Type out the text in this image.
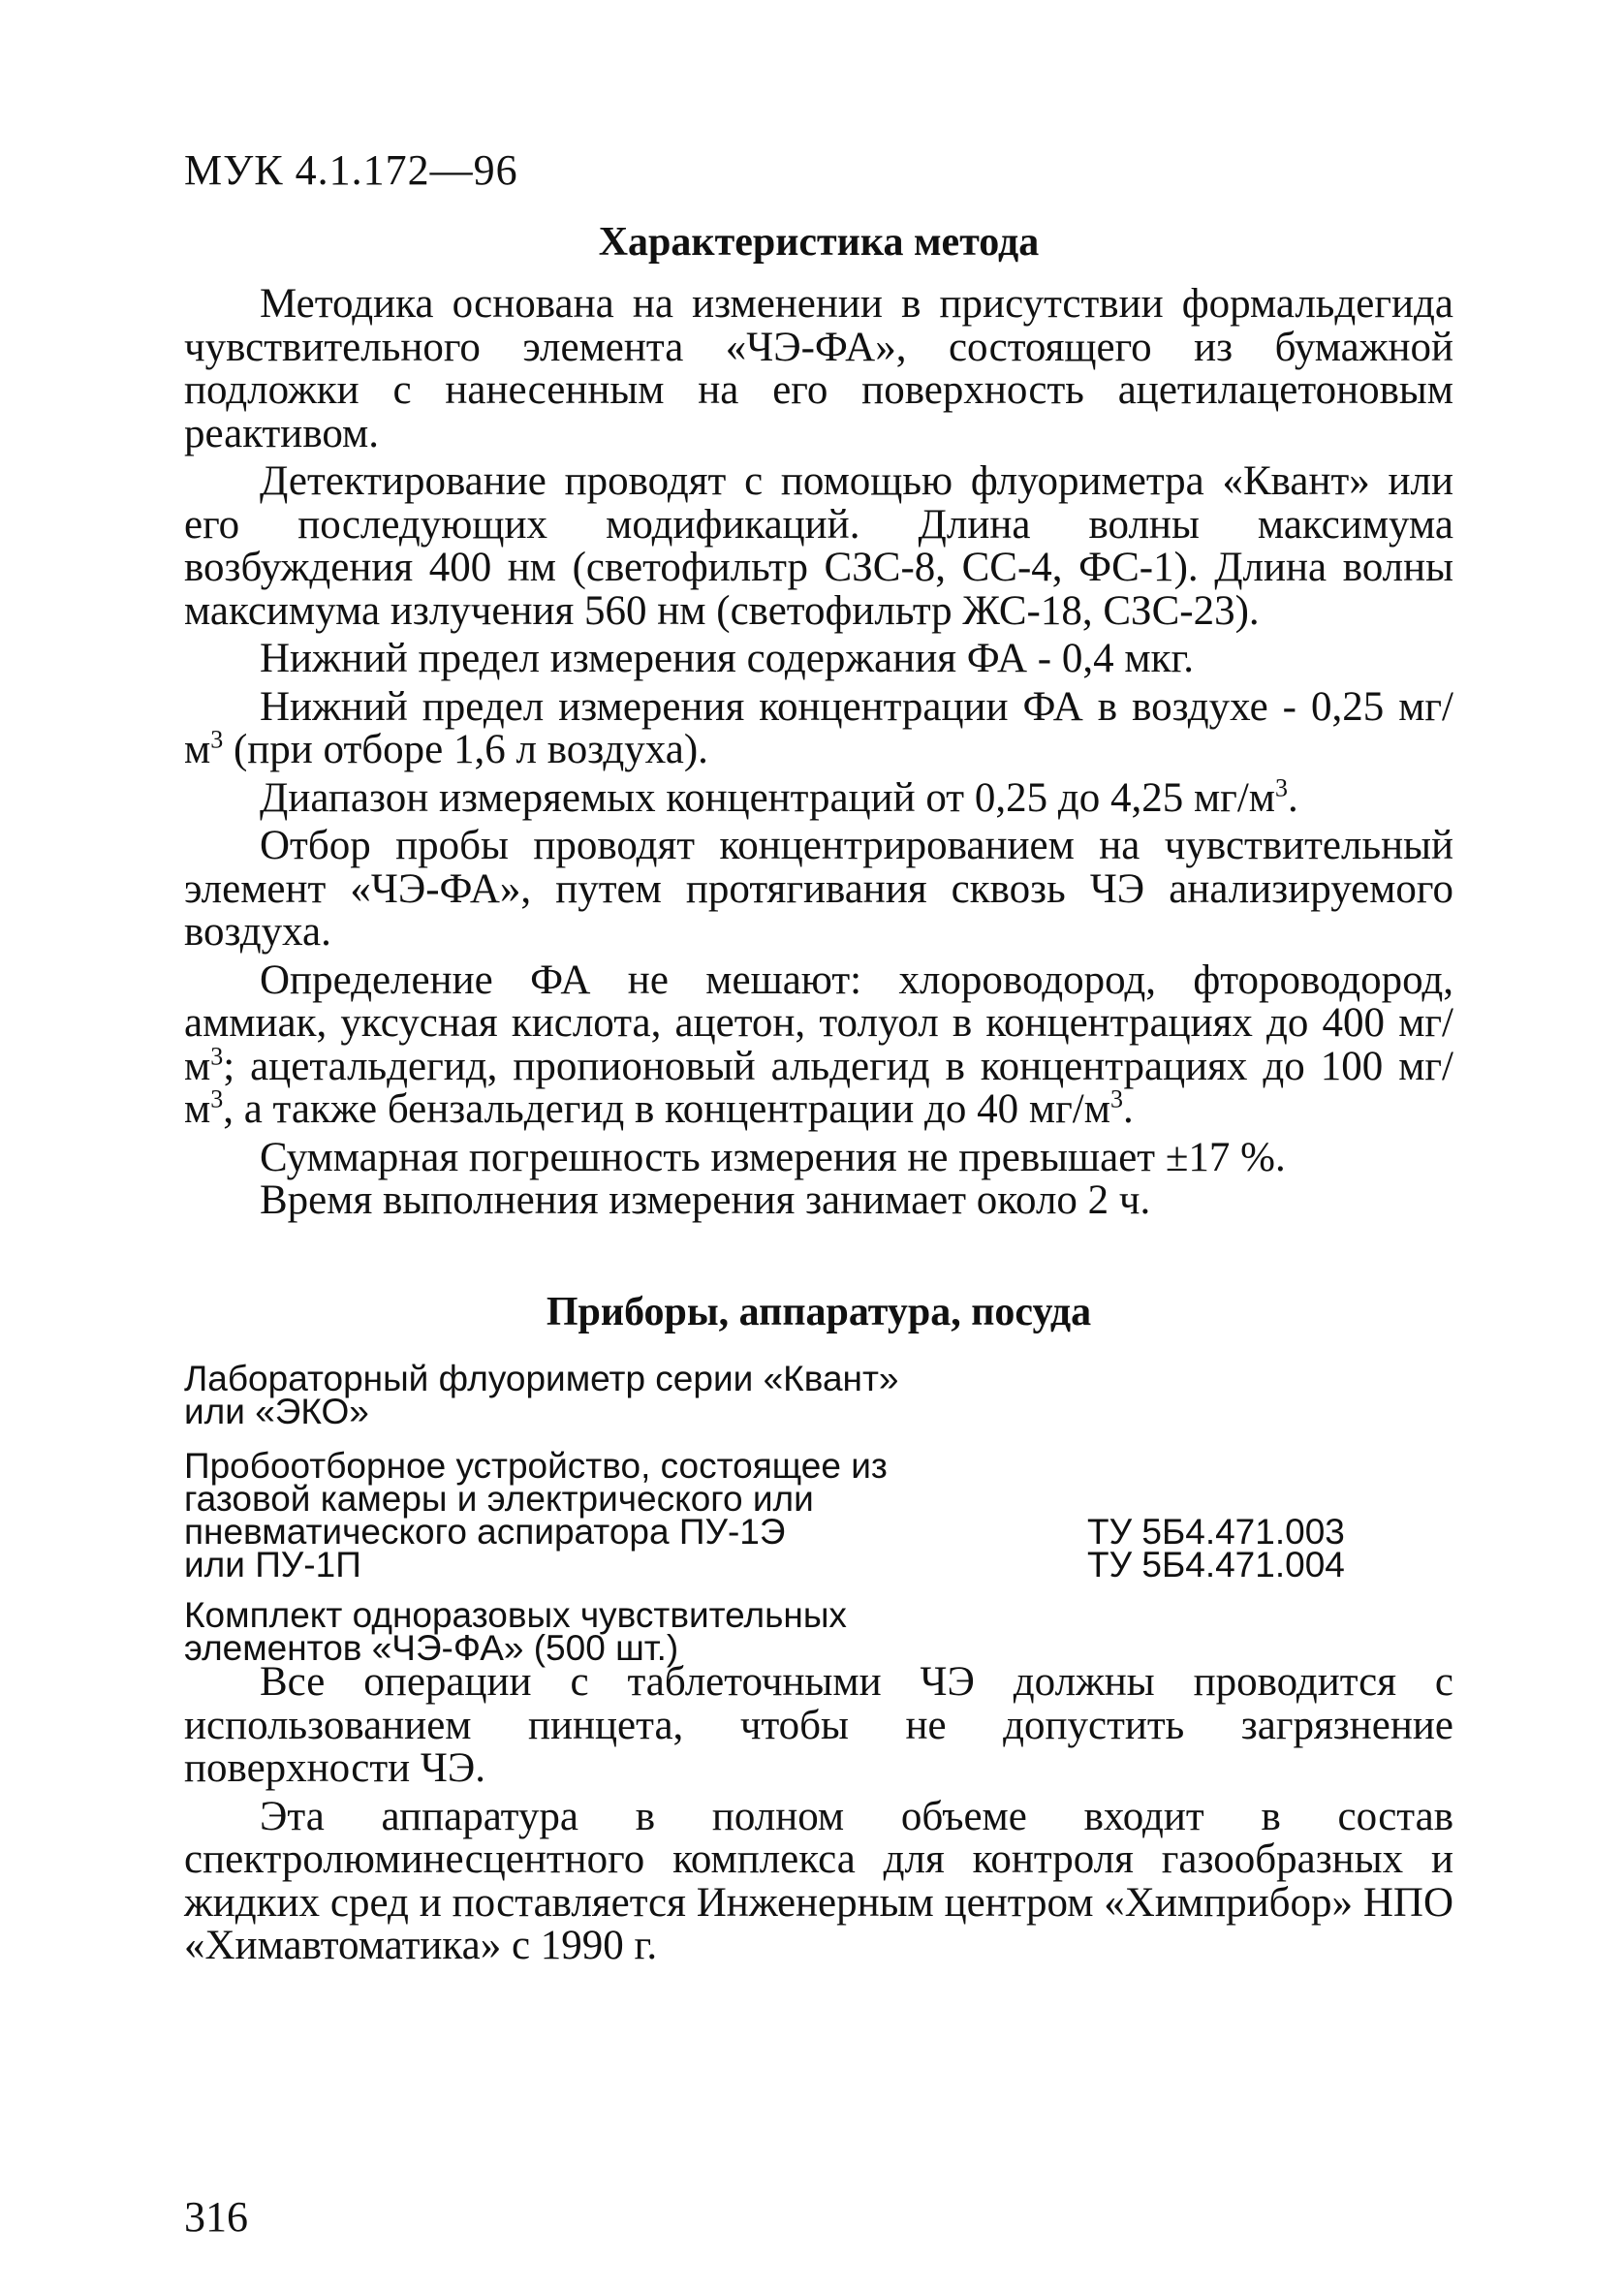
МУК 4.1.172—96
Характеристика метода

Методика основана на изменении в присутствии формальдегида чувствительного элемента «ЧЭ-ФА», состоящего из бумажной подложки с нанесенным на его поверхность ацетилацетоновым реактивом.

Детектирование проводят с помощью флуориметра «Квант» или его последующих модификаций. Длина волны максимума возбуждения 400 нм (светофильтр СЗС-8, СС-4, ФС-1). Длина волны максимума излучения 560 нм (светофильтр ЖС-18, СЗС-23).

Нижний предел измерения содержания ФА - 0,4 мкг.

Нижний предел измерения концентрации ФА в воздухе - 0,25 $мг/м^3$ (при отборе 1,6 л воздуха).

Диапазон измеряемых концентраций от 0,25 до 4,25 $мг/м^3$.

Отбор пробы проводят концентрированием на чувствительный элемент «ЧЭ-ФА», путем протягивания сквозь ЧЭ анализируемого воздуха.

Определение ФА не мешают: хлороводород, фтороводород, аммиак, уксусная кислота, ацетон, толуол в концентрациях до 400 $мг/м^3$; ацетальдегид, пропионовый альдегид в концентрациях до 100 $мг/м^3$, а также бензальдегид в концентрации до 40 $мг/м^3$.

Суммарная погрешность измерения не превышает ±17 %.

Время выполнения измерения занимает около 2 ч.

Приборы, аппаратура, посуда
Лабораторный флуориметр серии «Квант»
или «ЭКО»
Пробоотборное устройство, состоящее из
газовой камеры и электрического или
пневматического аспиратора ПУ-1Э
или ПУ-1П
ТУ 5Б4.471.003
ТУ 5Б4.471.004
Комплект одноразовых чувствительных
элементов «ЧЭ-ФА» (500 шт.)

Все операции с таблеточными ЧЭ должны проводится с использованием пинцета, чтобы не допустить загрязнение поверхности ЧЭ.

Эта аппаратура в полном объеме входит в состав спектролюминесцентного комплекса для контроля газообразных и жидких сред и поставляется Инженерным центром «Химприбор» НПО «Химавтоматика» с 1990 г.

316
